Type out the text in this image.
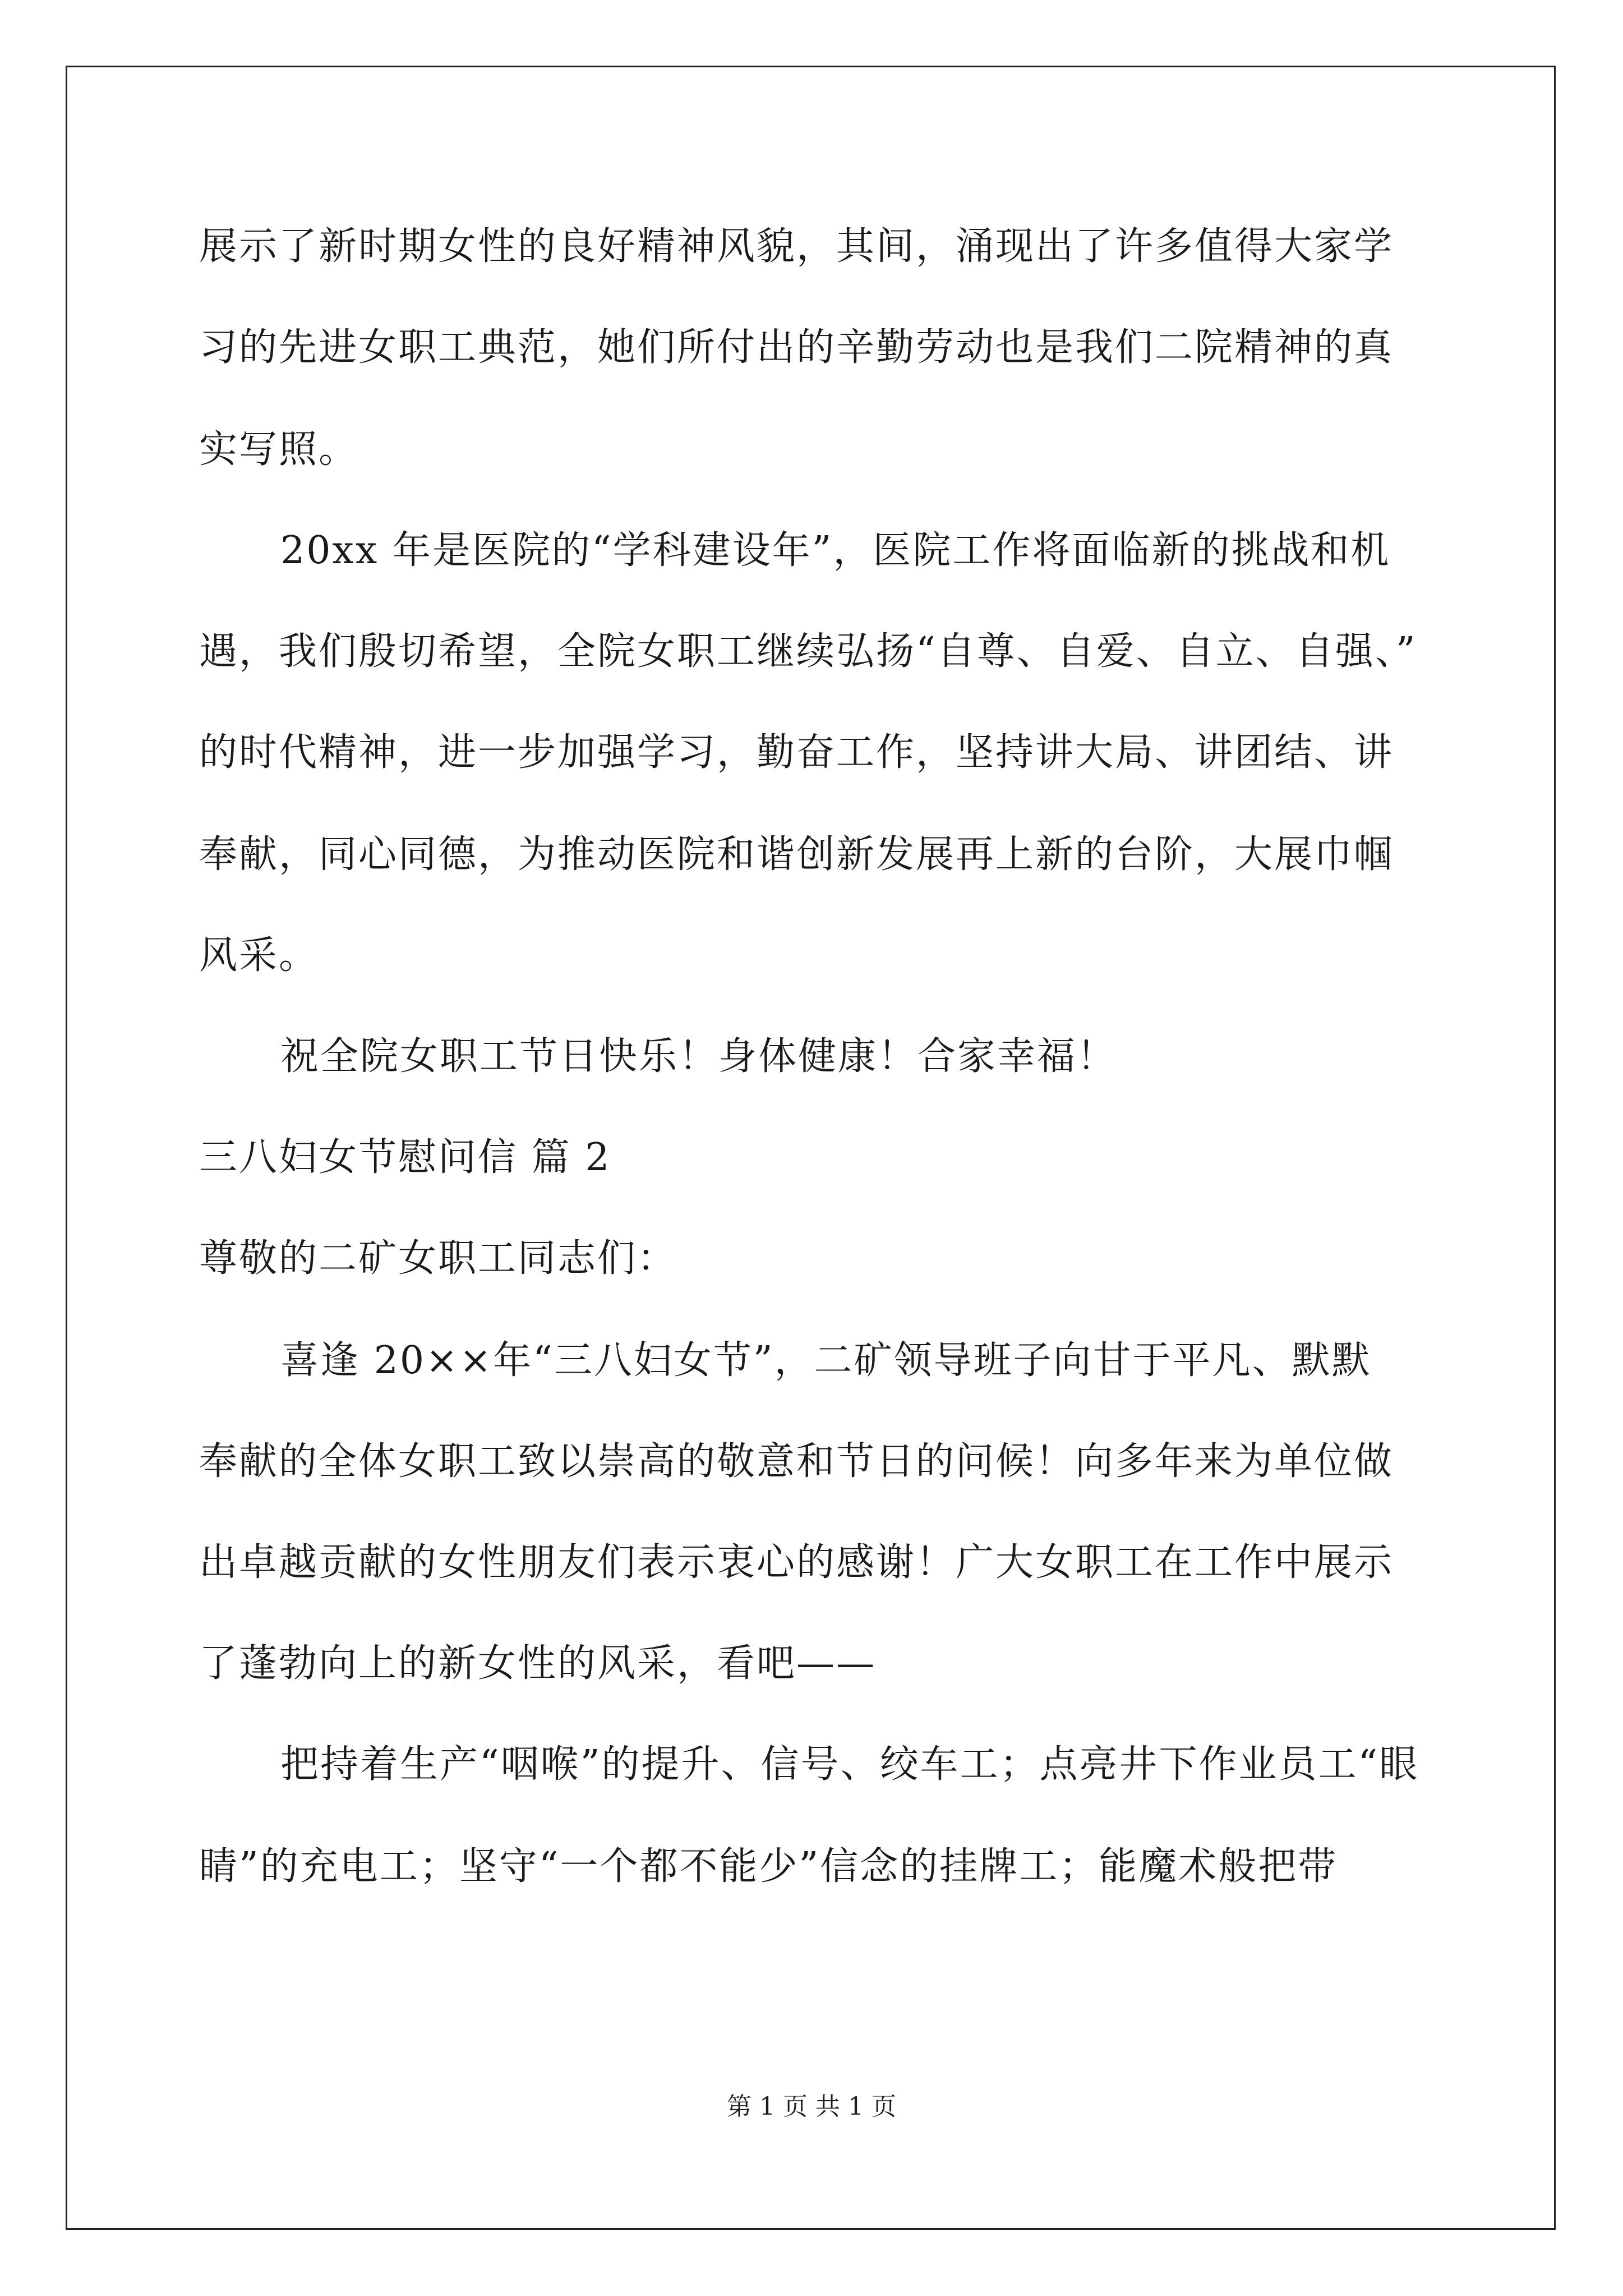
展示了新时期女性的良好精神风貌，其间，涌现出了许多值得大家学
习的先进女职工典范，她们所付出的辛勤劳动也是我们二院精神的真
实写照。
20xx 年是医院的“学科建设年”，医院工作将面临新的挑战和机
遇，我们殷切希望，全院女职工继续弘扬“自尊、自爱、自立、自强、”
的时代精神，进一步加强学习，勤奋工作，坚持讲大局、讲团结、讲
奉献，同心同德，为推动医院和谐创新发展再上新的台阶，大展巾帼
风采。
祝全院女职工节日快乐！身体健康！合家幸福！
三八妇女节慰问信 篇 2
尊敬的二矿女职工同志们：
喜逢 20××年“三八妇女节”，二矿领导班子向甘于平凡、默默
奉献的全体女职工致以崇高的敬意和节日的问候！向多年来为单位做
出卓越贡献的女性朋友们表示衷心的感谢！广大女职工在工作中展示
了蓬勃向上的新女性的风采，看吧——
把持着生产“咽喉”的提升、信号、绞车工；点亮井下作业员工“眼
睛”的充电工；坚守“一个都不能少”信念的挂牌工；能魔术般把带
第 1 页 共 1 页
